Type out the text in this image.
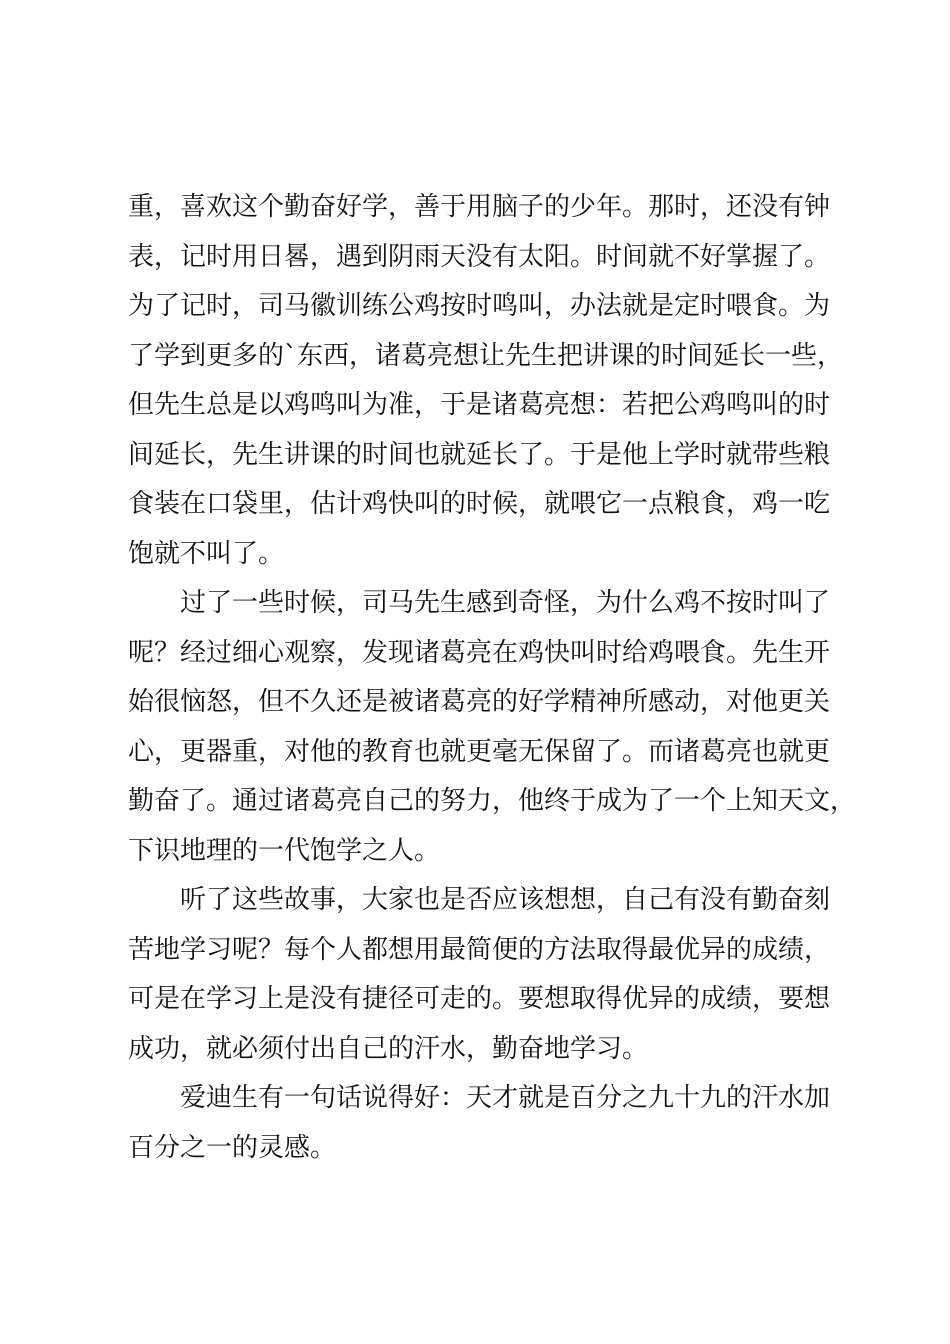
重，喜欢这个勤奋好学，善于用脑子的少年。那时，还没有钟
表，记时用日晷，遇到阴雨天没有太阳。时间就不好掌握了。
为了记时，司马徽训练公鸡按时鸣叫，办法就是定时喂食。为
了学到更多的`东西，诸葛亮想让先生把讲课的时间延长一些，
但先生总是以鸡鸣叫为准，于是诸葛亮想：若把公鸡鸣叫的时
间延长，先生讲课的时间也就延长了。于是他上学时就带些粮
食装在口袋里，估计鸡快叫的时候，就喂它一点粮食，鸡一吃
饱就不叫了。
过了一些时候，司马先生感到奇怪，为什么鸡不按时叫了
呢？经过细心观察，发现诸葛亮在鸡快叫时给鸡喂食。先生开
始很恼怒，但不久还是被诸葛亮的好学精神所感动，对他更关
心，更器重，对他的教育也就更毫无保留了。而诸葛亮也就更
勤奋了。通过诸葛亮自己的努力，他终于成为了一个上知天文，
下识地理的一代饱学之人。
听了这些故事，大家也是否应该想想，自己有没有勤奋刻
苦地学习呢？每个人都想用最简便的方法取得最优异的成绩，
可是在学习上是没有捷径可走的。要想取得优异的成绩，要想
成功，就必须付出自己的汗水，勤奋地学习。
爱迪生有一句话说得好：天才就是百分之九十九的汗水加
百分之一的灵感。
